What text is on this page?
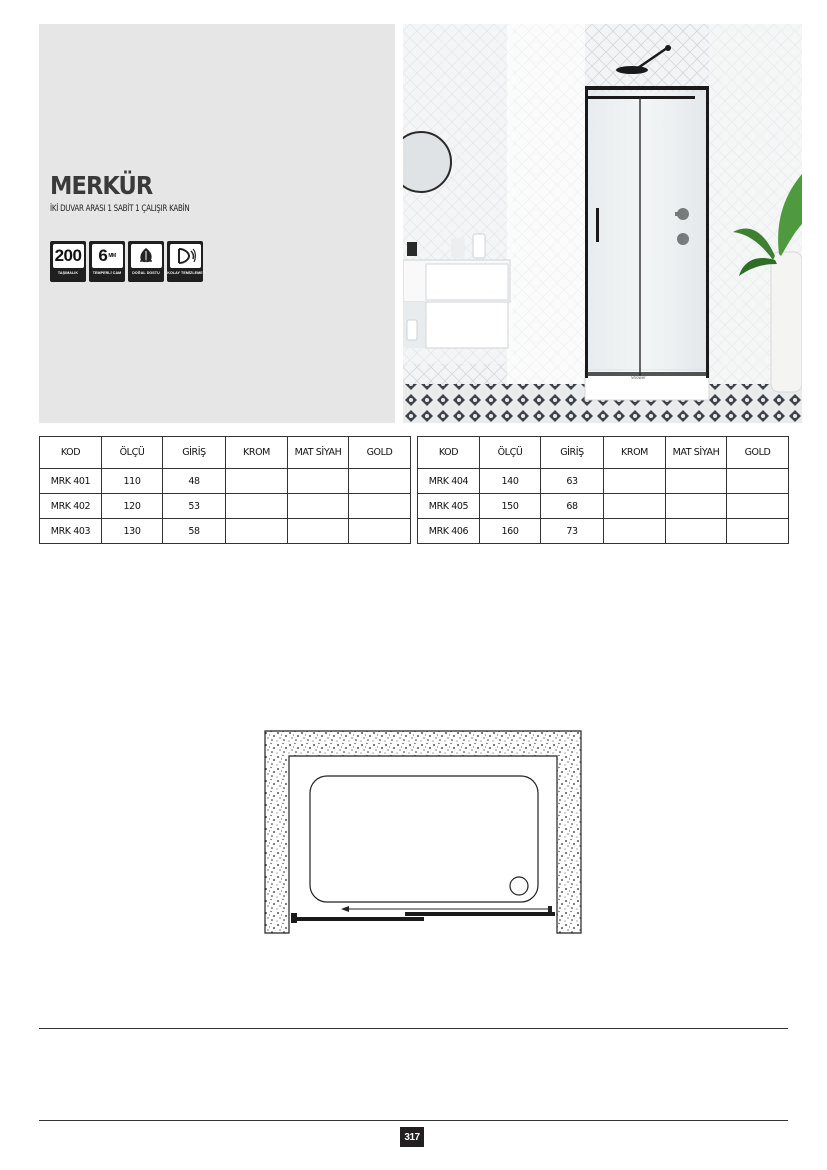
MERKÜR
İKİ DUVAR ARASI 1 SABİT 1 ÇALIŞIR KABİN
200
TAŞIMALIK
6 MM
TEMPERLİ CAM	DOĞAL DOSTU KOLAY TEMİZLEME
Shower
KOD	ÖLÇÜ	GİRİŞ	KROM	MAT SİYAH	GOLD
MRK 401	110	48			
MRK 402	120	53			
MRK 403	130	58			
KOD	ÖLÇÜ	GİRİŞ	KROM	MAT SİYAH	GOLD
MRK 404	140	63			
MRK 405	150	68			
MRK 406	160	73			
317
